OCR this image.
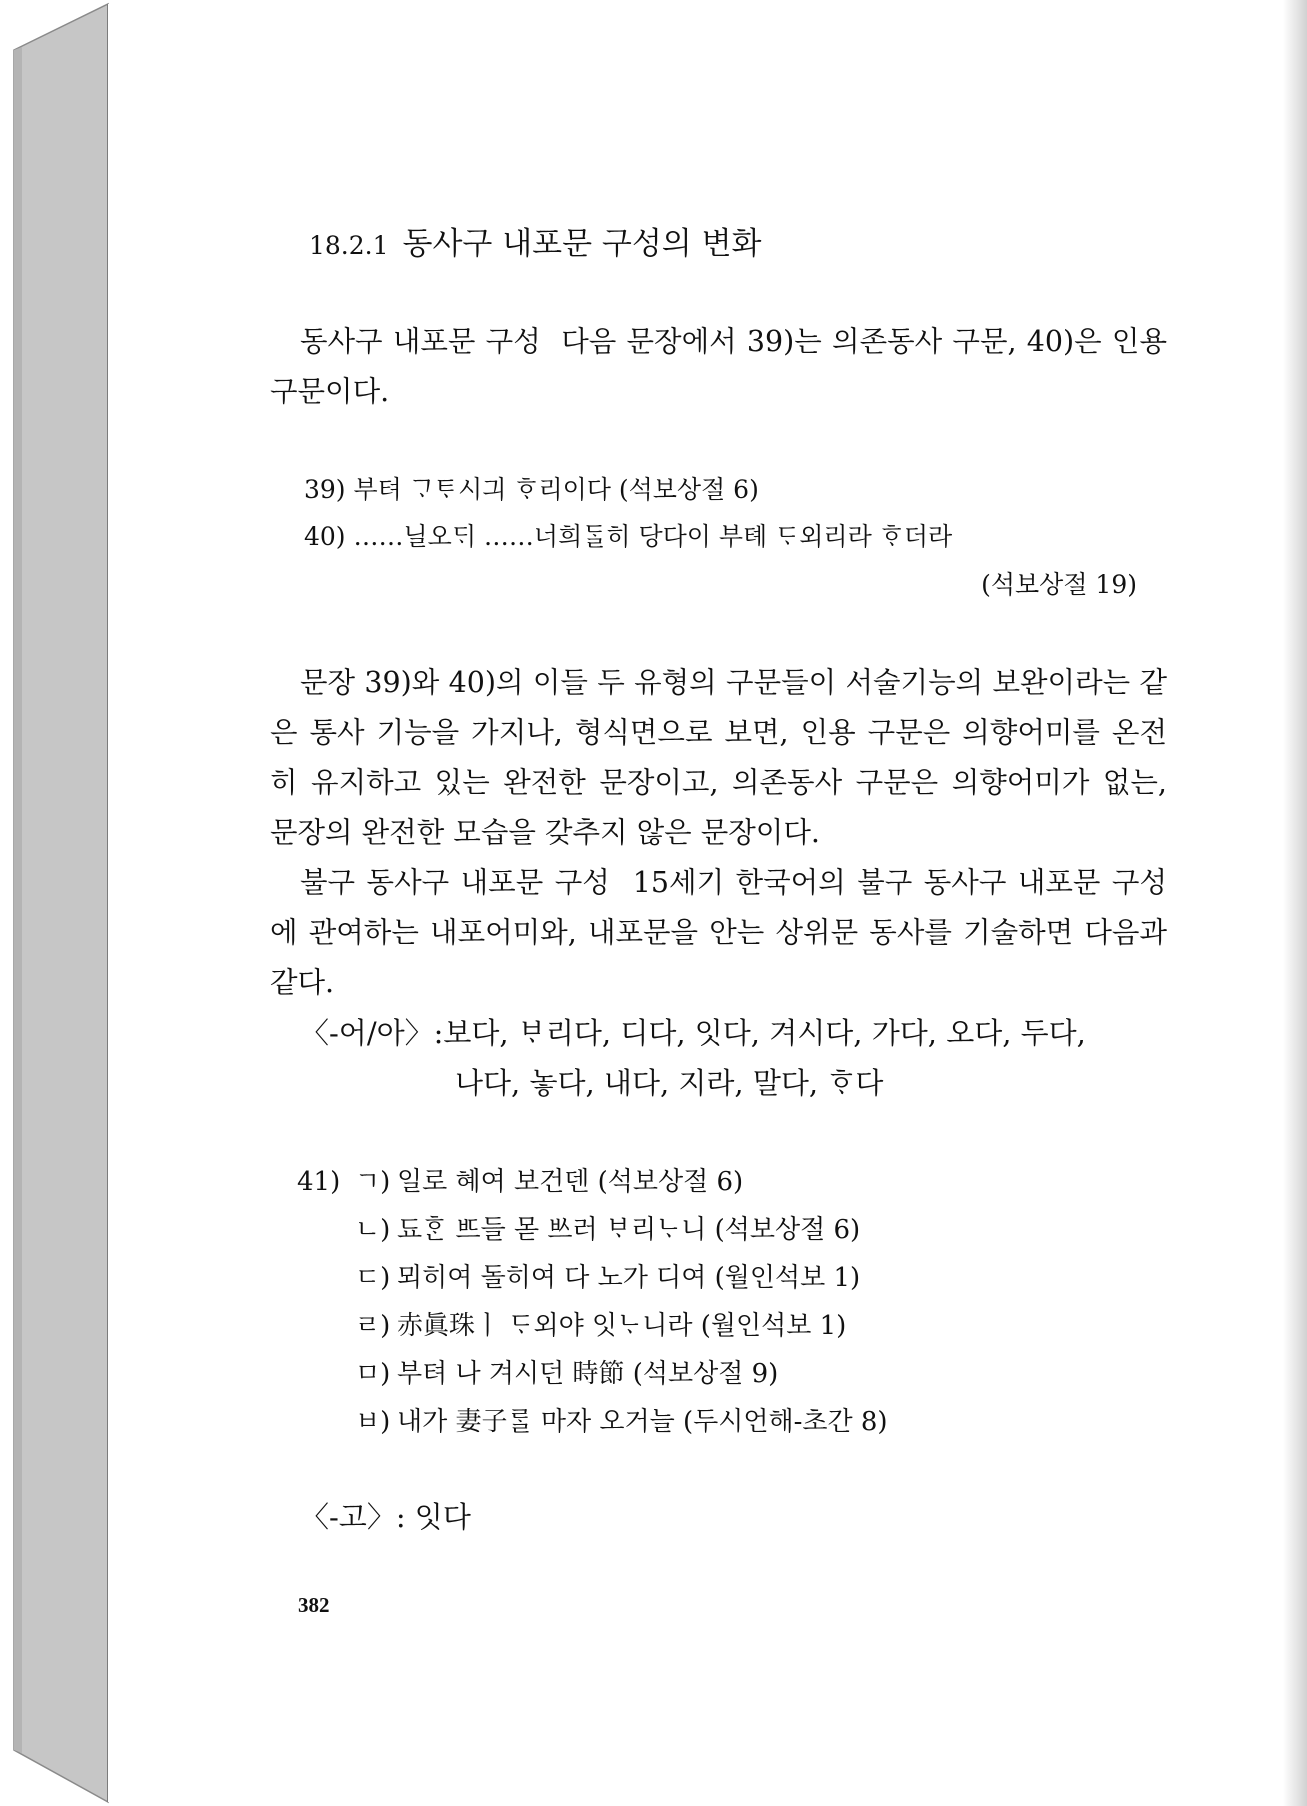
18.2.1 동사구 내포문 구성의 변화

동사구 내포문 구성 다음 문장에서 39)는 의존동사 구문, 40)은 인용 구문이다.

39) 부텨 ᄀᆞᄐᆞ시긔 ᄒᆞ리이다 (석보상절 6)
40) ……닐오ᄃᆡ ……너희ᄃᆞᆯ히 당다이 부톄 ᄃᆞ외리라 ᄒᆞ더라
(석보상절 19)

문장 39)와 40)의 이들 두 유형의 구문들이 서술기능의 보완이라는 같은 통사 기능을 가지나, 형식면으로 보면, 인용 구문은 의향어미를 온전히 유지하고 있는 완전한 문장이고, 의존동사 구문은 의향어미가 없는, 문장의 완전한 모습을 갖추지 않은 문장이다.

불구 동사구 내포문 구성 15세기 한국어의 불구 동사구 내포문 구성에 관여하는 내포어미와, 내포문을 안는 상위문 동사를 기술하면 다음과 같다.

〈-어/아〉:보다, ᄇᆞ리다, 디다, 잇다, 겨시다, 가다, 오다, 두다,
나다, 놓다, 내다, 지라, 말다, ᄒᆞ다
41) ㄱ) 일로 혜여 보건덴 (석보상절 6)
ㄴ) 됴ᄒᆞᆫ ᄠᅳ들 몯 ᄡᅳ러 ᄇᆞ리ᄂᆞ니 (석보상절 6)
ㄷ) 뫼히여 돌히여 다 노가 디여 (월인석보 1)
ㄹ) 赤眞珠ㅣ ᄃᆞ외야 잇ᄂᆞ니라 (월인석보 1)
ㅁ) 부텨 나 겨시던 時節 (석보상절 9)
ㅂ) 내가 妻子ᄅᆞᆯ 마자 오거늘 (두시언해-초간 8)
〈-고〉: 잇다
382
